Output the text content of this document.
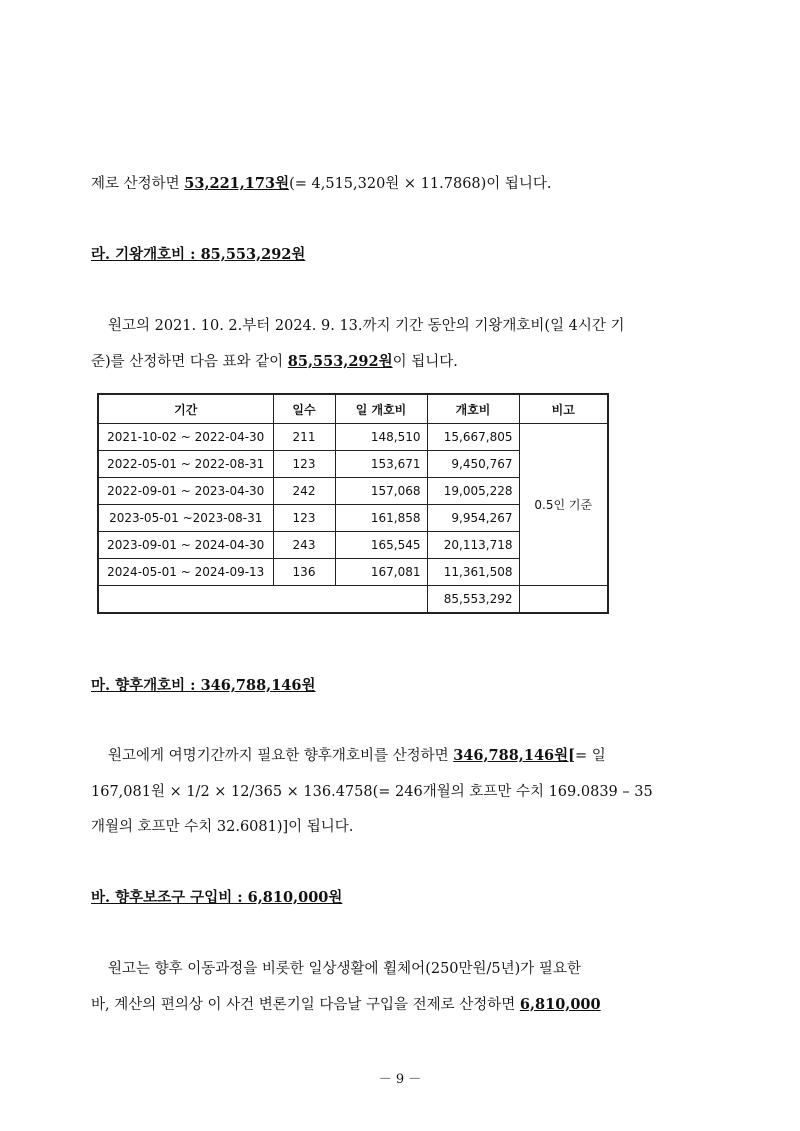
제로 산정하면 53,221,173원(= 4,515,320원 × 11.7868)이 됩니다.
라. 기왕개호비 : 85,553,292원
원고의 2021. 10. 2.부터 2024. 9. 13.까지 기간 동안의 기왕개호비(일 4시간 기
준)를 산정하면 다음 표와 같이 85,553,292원이 됩니다.
기간	일수	일 개호비	개호비	비고
2021-10-02 ~ 2022-04-30	211	148,510	15,667,805	0.5인 기준
2022-05-01 ~ 2022-08-31	123	153,671	9,450,767	
2022-09-01 ~ 2023-04-30	242	157,068	19,005,228	
2023-05-01 ~2023-08-31	123	161,858	9,954,267	
2023-09-01 ~ 2024-04-30	243	165,545	20,113,718	
2024-05-01 ~ 2024-09-13	136	167,081	11,361,508	
			85,553,292	
마. 향후개호비 : 346,788,146원
원고에게 여명기간까지 필요한 향후개호비를 산정하면 346,788,146원[= 일
167,081원 × 1/2 × 12/365 × 136.4758(= 246개월의 호프만 수치 169.0839 – 35
개월의 호프만 수치 32.6081)]이 됩니다.
바. 향후보조구 구입비 : 6,810,000원
원고는 향후 이동과정을 비롯한 일상생활에 휠체어(250만원/5년)가 필요한
바, 계산의 편의상 이 사건 변론기일 다음날 구입을 전제로 산정하면 6,810,000
－ 9 －
